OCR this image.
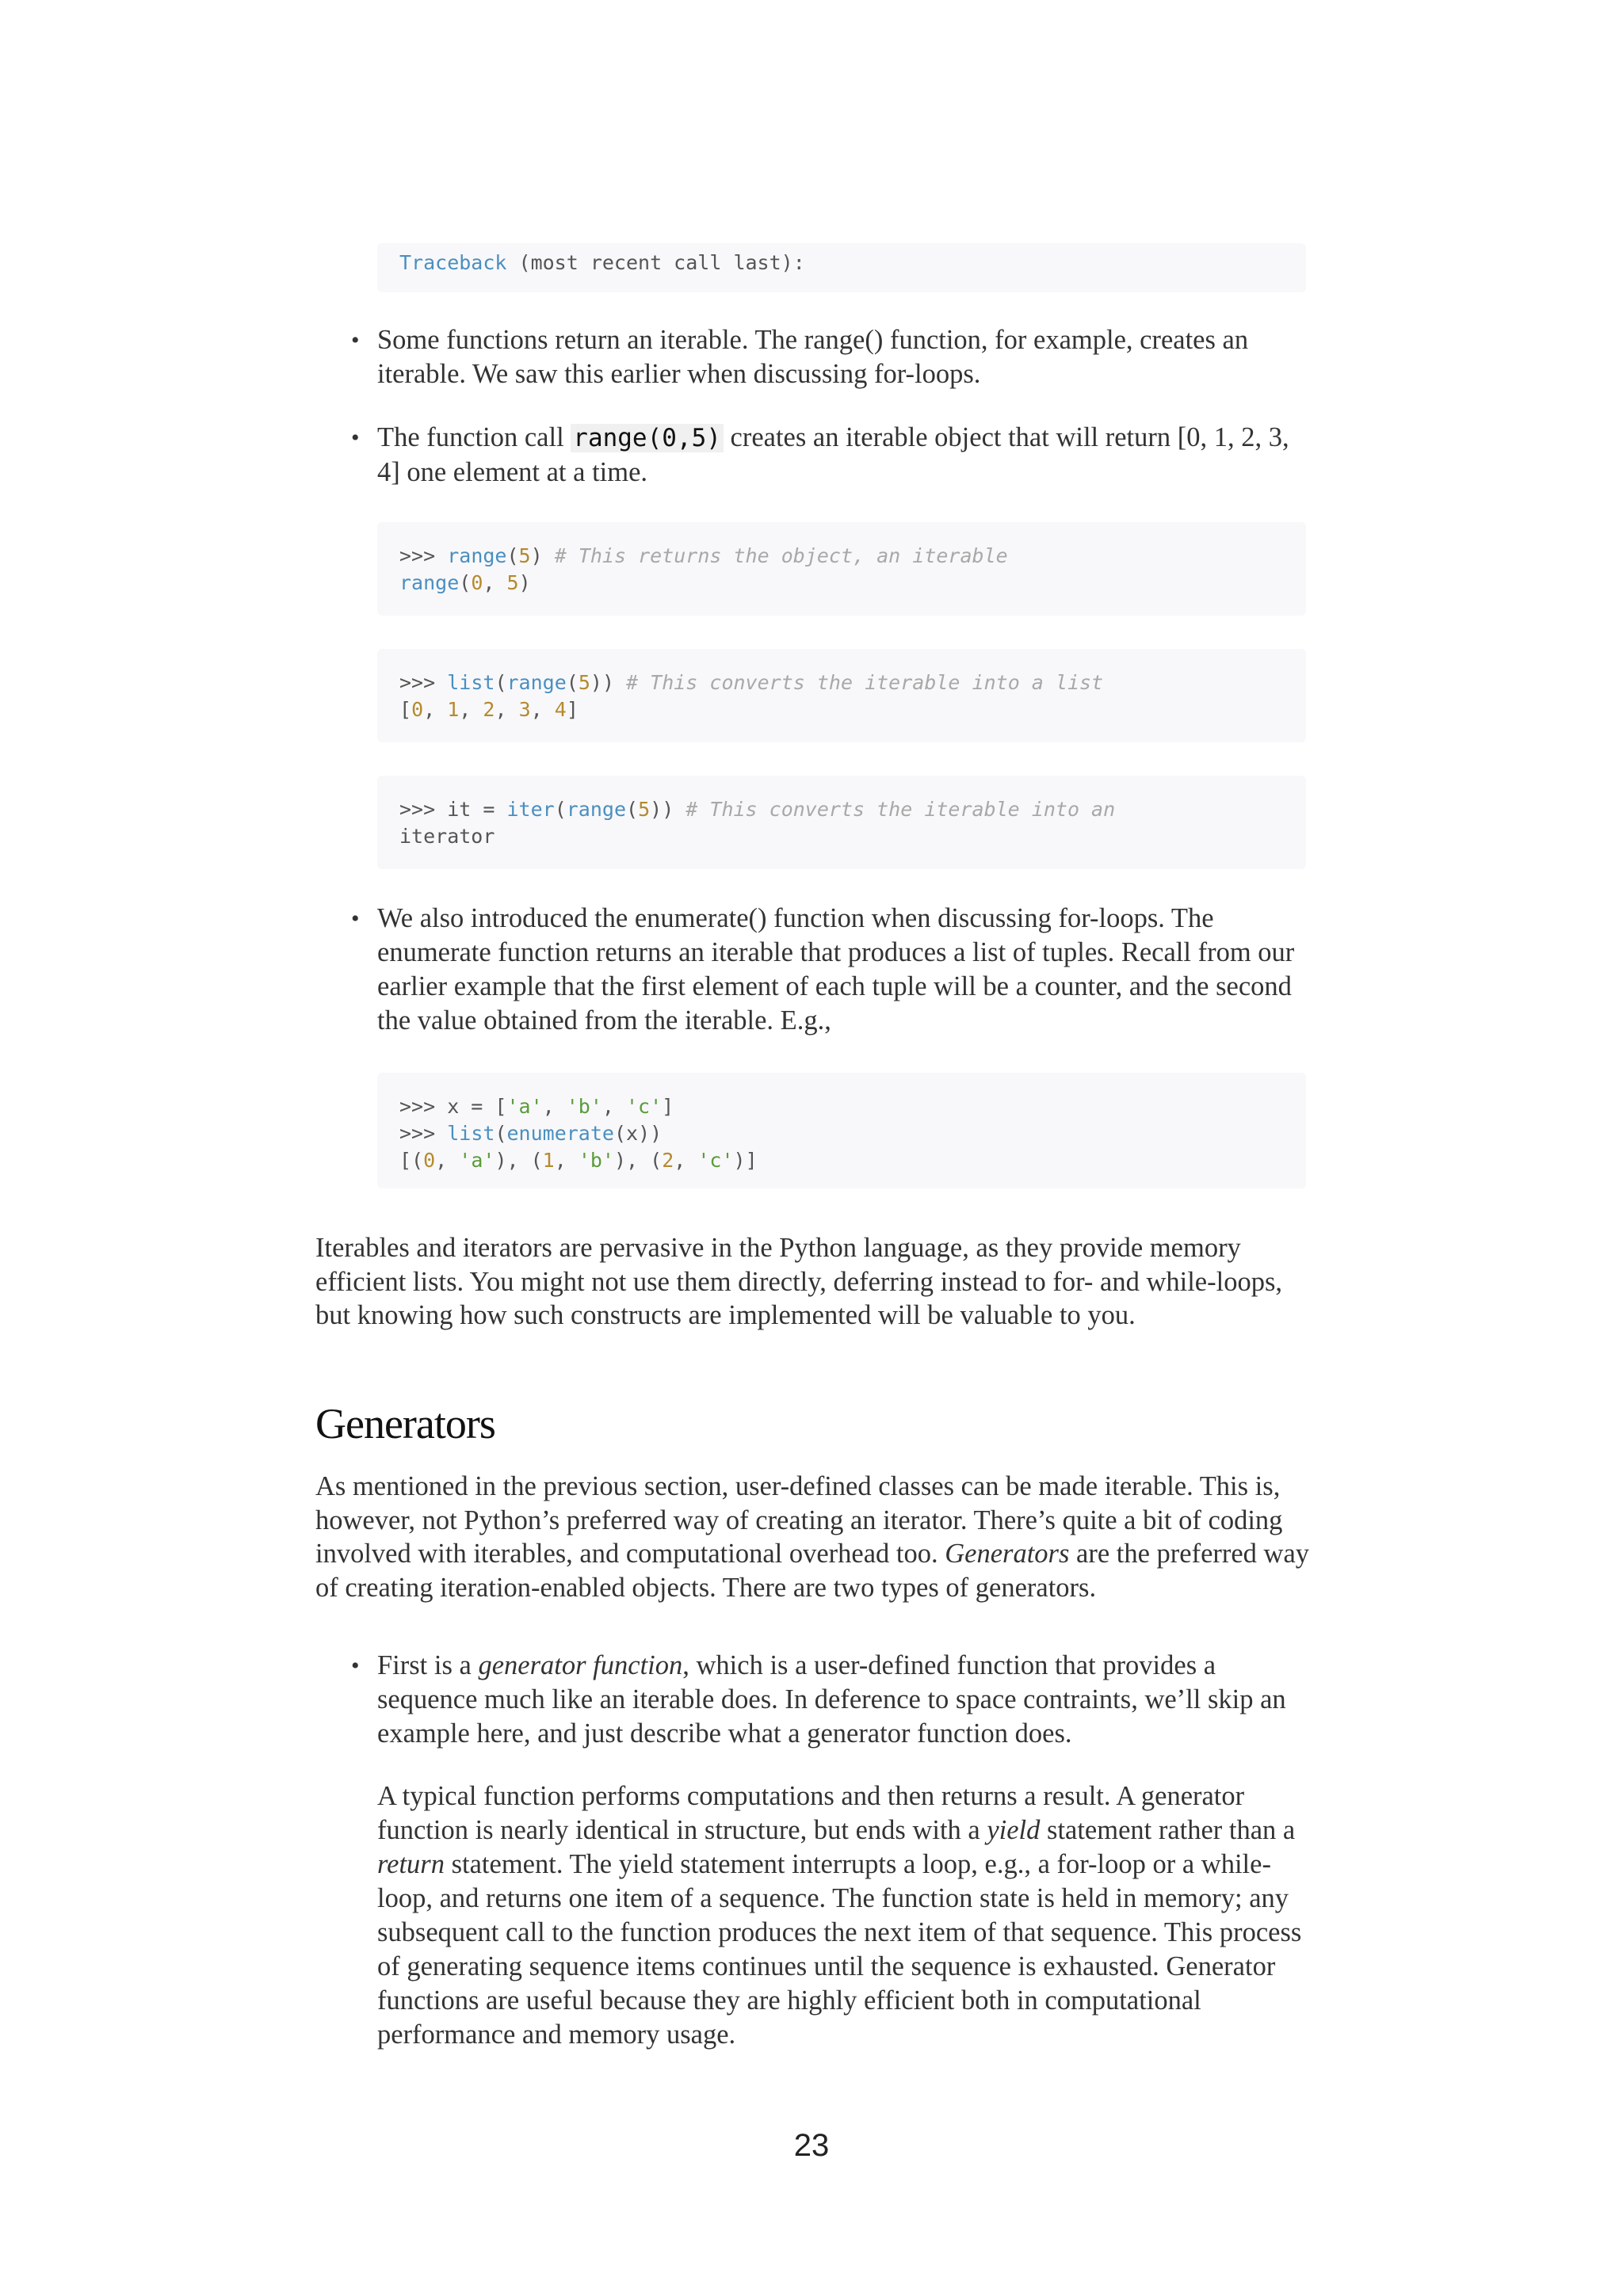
Traceback (most recent call last):
• Some functions return an iterable. The range() function, for example, creates an iterable. We saw this earlier when discussing for-loops.
• The function call range(0,5) creates an iterable object that will return [0, 1, 2, 3, 4] one element at a time.
>>> range(5) # This returns the object, an iterable
range(0, 5)
>>> list(range(5)) # This converts the iterable into a list
[0, 1, 2, 3, 4]
>>> it = iter(range(5)) # This converts the iterable into an
iterator
• We also introduced the enumerate() function when discussing for-loops. The enumerate function returns an iterable that produces a list of tuples. Recall from our earlier example that the first element of each tuple will be a counter, and the second the value obtained from the iterable. E.g.,
>>> x = ['a', 'b', 'c']
>>> list(enumerate(x))
[(0, 'a'), (1, 'b'), (2, 'c')]
Iterables and iterators are pervasive in the Python language, as they provide memory efficient lists. You might not use them directly, deferring instead to for- and while-loops, but knowing how such constructs are implemented will be valuable to you.
Generators
As mentioned in the previous section, user-defined classes can be made iterable. This is, however, not Python’s preferred way of creating an iterator. There’s quite a bit of coding involved with iterables, and computational overhead too. Generators are the preferred way of creating iteration-enabled objects. There are two types of generators.
• First is a generator function, which is a user-defined function that provides a sequence much like an iterable does. In deference to space contraints, we’ll skip an example here, and just describe what a generator function does.
A typical function performs computations and then returns a result. A generator function is nearly identical in structure, but ends with a yield statement rather than a return statement. The yield statement interrupts a loop, e.g., a for-loop or a while-loop, and returns one item of a sequence. The function state is held in memory; any subsequent call to the function produces the next item of that sequence. This process of generating sequence items continues until the sequence is exhausted. Generator functions are useful because they are highly efficient both in computational performance and memory usage.
23
